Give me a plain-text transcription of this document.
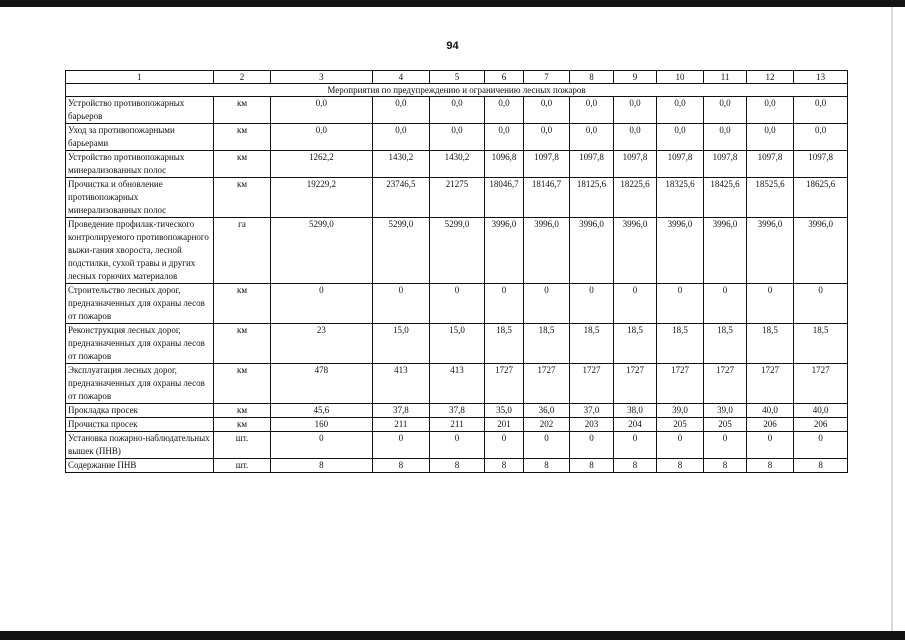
94
1	2	3	4	5	6	7	8	9	10	11	12	13
Мероприятия по предупреждению и ограничению лесных пожаров												
Устройство противопожарных барьеров	км	0,0	0,0	0,0	0,0	0,0	0,0	0,0	0,0	0,0	0,0	0,0
Уход за противопожарными барьерами	км	0,0	0,0	0,0	0,0	0,0	0,0	0,0	0,0	0,0	0,0	0,0
Устройство противопожарных минерализованных полос	км	1262,2	1430,2	1430,2	1096,8	1097,8	1097,8	1097,8	1097,8	1097,8	1097,8	1097,8
Прочистка и обновление противопожарных минерализованных полос	км	19229,2	23746,5	21275	18046,7	18146,7	18125,6	18225,6	18325,6	18425,6	18525,6	18625,6
Проведение профилак-тического контролируемого противопожарного выжи-гания хвороста, лесной подстилки, сухой травы и других лесных горючих материалов	га	5299,0	5299,0	5299,0	3996,0	3996,0	3996,0	3996,0	3996,0	3996,0	3996,0	3996,0
Строительство лесных дорог, предназначенных для охраны лесов от пожаров	км	0	0	0	0	0	0	0	0	0	0	0
Реконструкция лесных дорог, предназначенных для охраны лесов от пожаров	км	23	15,0	15,0	18,5	18,5	18,5	18,5	18,5	18,5	18,5	18,5
Эксплуатация лесных дорог, предназначенных для охраны лесов от пожаров	км	478	413	413	1727	1727	1727	1727	1727	1727	1727	1727
Прокладка просек	км	45,6	37,8	37,8	35,0	36,0	37,0	38,0	39,0	39,0	40,0	40,0
Прочистка просек	км	160	211	211	201	202	203	204	205	205	206	206
Установка пожарно-наблюдательных вышек (ПНВ)	шт.	0	0	0	0	0	0	0	0	0	0	0
Содержание ПНВ	шт.	8	8	8	8	8	8	8	8	8	8	8
